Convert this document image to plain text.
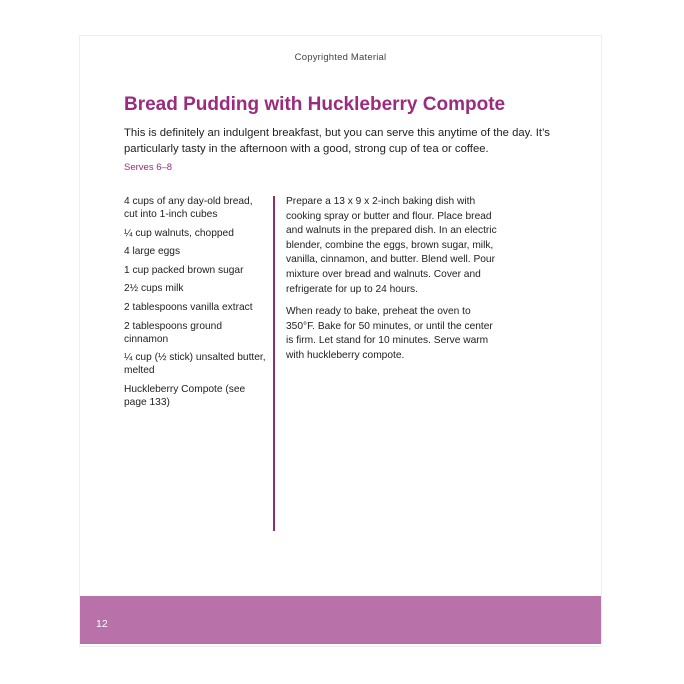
Copyrighted Material
Bread Pudding with Huckleberry Compote

This is definitely an indulgent breakfast, but you can serve this anytime of the day. It’s particularly tasty in the afternoon with a good, strong cup of tea or coffee.

Serves 6–8
4 cups of any day-old bread, cut into 1-inch cubes
¼ cup walnuts, chopped
4 large eggs
1 cup packed brown sugar
2½ cups milk
2 tablespoons vanilla extract
2 tablespoons ground cinnamon
¼ cup (½ stick) unsalted butter, melted
Huckleberry Compote (see page 133)

Prepare a 13 x 9 x 2-inch baking dish with cooking spray or butter and flour. Place bread and walnuts in the prepared dish. In an electric blender, combine the eggs, brown sugar, milk, vanilla, cinnamon, and butter. Blend well. Pour mixture over bread and walnuts. Cover and refrigerate for up to 24 hours.

When ready to bake, preheat the oven to 350°F. Bake for 50 minutes, or until the center is firm. Let stand for 10 minutes. Serve warm with huckleberry compote.

12
